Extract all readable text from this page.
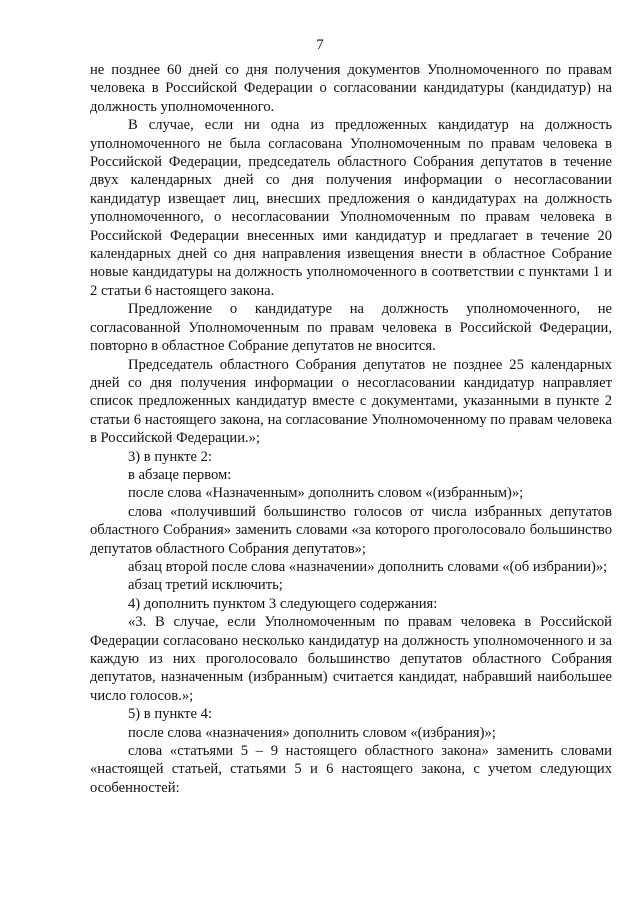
7

не позднее 60 дней со дня получения документов Уполномоченного по правам человека в Российской Федерации о согласовании кандидатуры (кандидатур) на должность уполномоченного.

В случае, если ни одна из предложенных кандидатур на должность уполномоченного не была согласована Уполномоченным по правам человека в Российской Федерации, председатель областного Собрания депутатов в течение двух календарных дней со дня получения информации о несогласовании кандидатур извещает лиц, внесших предложения о кандидатурах на должность уполномоченного, о несогласовании Уполномоченным по правам человека в Российской Федерации внесенных ими кандидатур и предлагает в течение 20 календарных дней со дня направления извещения внести в областное Собрание новые кандидатуры на должность уполномоченного в соответствии с пунктами 1 и 2 статьи 6 настоящего закона.

Предложение о кандидатуре на должность уполномоченного, не согласованной Уполномоченным по правам человека в Российской Федерации, повторно в областное Собрание депутатов не вносится.

Председатель областного Собрания депутатов не позднее 25 календарных дней со дня получения информации о несогласовании кандидатур направляет список предложенных кандидатур вместе с документами, указанными в пункте 2 статьи 6 настоящего закона, на согласование Уполномоченному по правам человека в Российской Федерации.»;

3) в пункте 2:

в абзаце первом:

после слова «Назначенным» дополнить словом «(избранным)»;

слова «получивший большинство голосов от числа избранных депутатов областного Собрания» заменить словами «за которого проголосовало большинство депутатов областного Собрания депутатов»;

абзац второй после слова «назначении» дополнить словами «(об избрании)»;

абзац третий исключить;

4) дополнить пунктом 3 следующего содержания:

«3. В случае, если Уполномоченным по правам человека в Российской Федерации согласовано несколько кандидатур на должность уполномоченного и за каждую из них проголосовало большинство депутатов областного Собрания депутатов, назначенным (избранным) считается кандидат, набравший наибольшее число голосов.»;

5) в пункте 4:

после слова «назначения» дополнить словом «(избрания)»;

слова «статьями 5 – 9 настоящего областного закона» заменить словами «настоящей статьей, статьями 5 и 6 настоящего закона, с учетом следующих особенностей:
